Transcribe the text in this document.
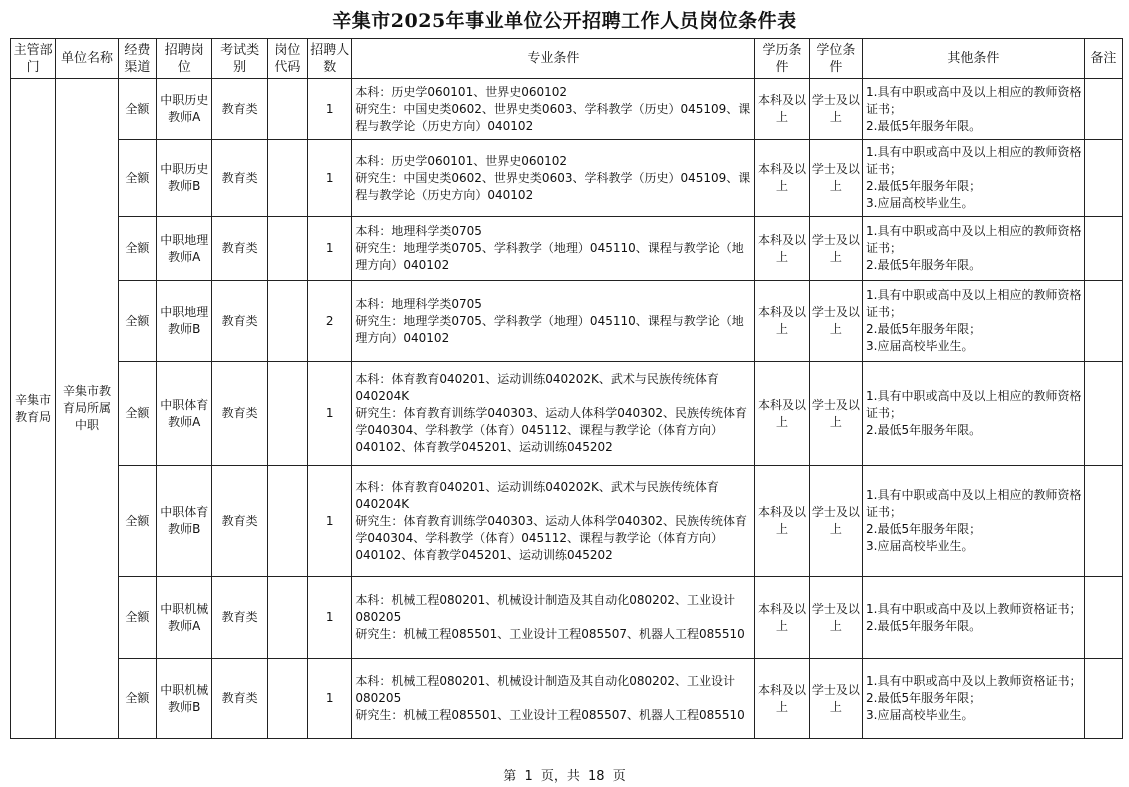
辛集市2025年事业单位公开招聘工作人员岗位条件表
主管部门	单位名称	经费渠道	招聘岗位	考试类别	岗位代码	招聘人数	专业条件	学历条件	学位条件	其他条件	备注
辛集市教育局	辛集市教育局所属中职	全额	中职历史教师A	教育类		1	本科：历史学060101、世界史060102
研究生：中国史类0602、世界史类0603、学科教学（历史）045109、课程与教学论（历史方向）040102	本科及以上	学士及以上	1.具有中职或高中及以上相应的教师资格证书；
2.最低5年服务年限。	
		全额	中职历史教师B	教育类		1	本科：历史学060101、世界史060102
研究生：中国史类0602、世界史类0603、学科教学（历史）045109、课程与教学论（历史方向）040102	本科及以上	学士及以上	1.具有中职或高中及以上相应的教师资格证书；
2.最低5年服务年限；
3.应届高校毕业生。	
		全额	中职地理教师A	教育类		1	本科：地理科学类0705
研究生：地理学类0705、学科教学（地理）045110、课程与教学论（地理方向）040102	本科及以上	学士及以上	1.具有中职或高中及以上相应的教师资格证书；
2.最低5年服务年限。	
		全额	中职地理教师B	教育类		2	本科：地理科学类0705
研究生：地理学类0705、学科教学（地理）045110、课程与教学论（地理方向）040102	本科及以上	学士及以上	1.具有中职或高中及以上相应的教师资格证书；
2.最低5年服务年限；
3.应届高校毕业生。	
		全额	中职体育教师A	教育类		1	本科：体育教育040201、运动训练040202K、武术与民族传统体育040204K
研究生：体育教育训练学040303、运动人体科学040302、民族传统体育学040304、学科教学（体育）045112、课程与教学论（体育方向）040102、体育教学045201、运动训练045202	本科及以上	学士及以上	1.具有中职或高中及以上相应的教师资格证书；
2.最低5年服务年限。	
		全额	中职体育教师B	教育类		1	本科：体育教育040201、运动训练040202K、武术与民族传统体育040204K
研究生：体育教育训练学040303、运动人体科学040302、民族传统体育学040304、学科教学（体育）045112、课程与教学论（体育方向）040102、体育教学045201、运动训练045202	本科及以上	学士及以上	1.具有中职或高中及以上相应的教师资格证书；
2.最低5年服务年限；
3.应届高校毕业生。	
		全额	中职机械教师A	教育类		1	本科：机械工程080201、机械设计制造及其自动化080202、工业设计080205
研究生：机械工程085501、工业设计工程085507、机器人工程085510	本科及以上	学士及以上	1.具有中职或高中及以上教师资格证书；
2.最低5年服务年限。	
		全额	中职机械教师B	教育类		1	本科：机械工程080201、机械设计制造及其自动化080202、工业设计080205
研究生：机械工程085501、工业设计工程085507、机器人工程085510	本科及以上	学士及以上	1.具有中职或高中及以上教师资格证书；
2.最低5年服务年限；
3.应届高校毕业生。	
第 1 页，共 18 页
